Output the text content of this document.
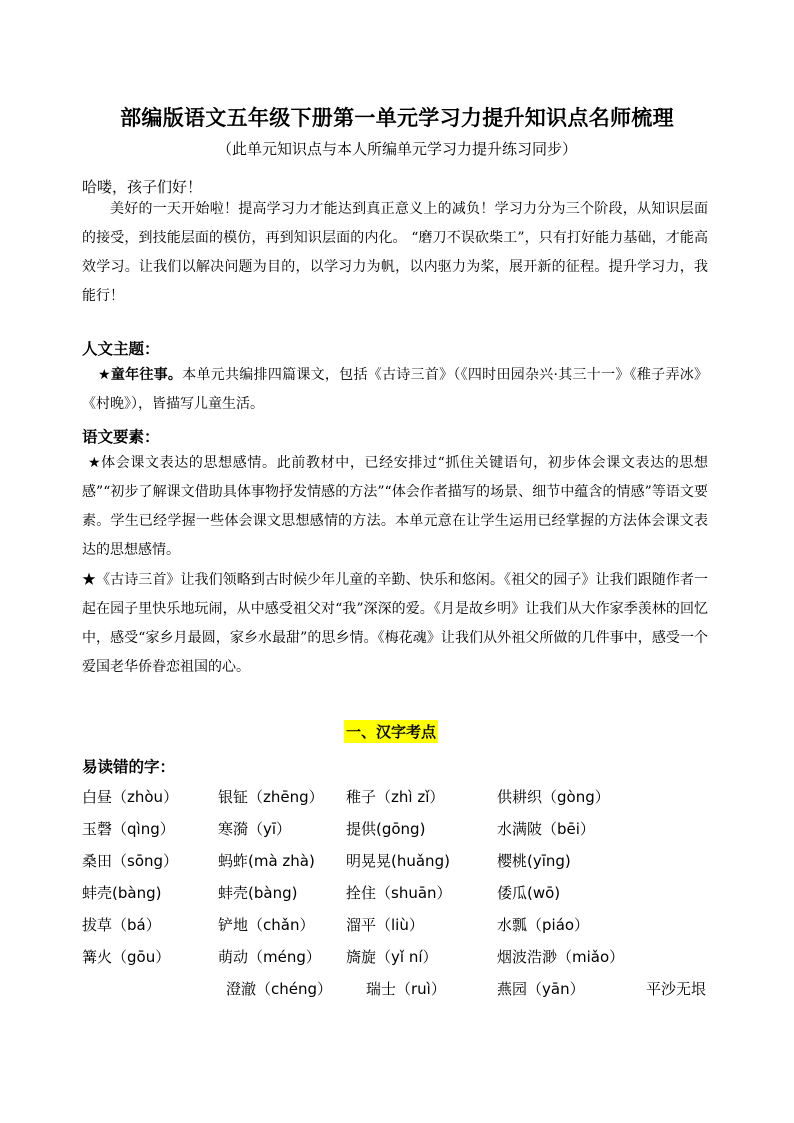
部编版语文五年级下册第一单元学习力提升知识点名师梳理
（此单元知识点与本人所编单元学习力提升练习同步）
哈喽，孩子们好！
美好的一天开始啦！提高学习力才能达到真正意义上的减负！学习力分为三个阶段，从知识层面的接受，到技能层面的模仿，再到知识层面的内化。 “磨刀不误砍柴工”，只有打好能力基础，才能高效学习。让我们以解决问题为目的，以学习力为帆，以内驱力为桨，展开新的征程。提升学习力，我能行！
人文主题：
★童年往事。本单元共编排四篇课文，包括《古诗三首》（《四时田园杂兴·其三十一》《稚子弄冰》《村晚》），皆描写儿童生活。
语文要素：
★体会课文表达的思想感情。此前教材中，已经安排过“抓住关键语句，初步体会课文表达的思想感”“初步了解课文借助具体事物抒发情感的方法”“体会作者描写的场景、细节中蕴含的情感”等语文要素。学生已经学握一些体会课文思想感情的方法。本单元意在让学生运用已经掌握的方法体会课文表达的思想感情。
★《古诗三首》让我们领略到古时候少年儿童的辛勤、快乐和悠闲。《祖父的园子》让我们跟随作者一起在园子里快乐地玩闹，从中感受祖父对“我”深深的爱。《月是故乡明》让我们从大作家季羡林的回忆中，感受“家乡月最圆，家乡水最甜”的思乡情。《梅花魂》让我们从外祖父所做的几件事中，感受一个爱国老华侨眷恋祖国的心。
一、汉字考点
易读错的字：
白昼（zhòu）	银钲（zhēng） 稚子（zhì zǐ）	供耕织（gòng）
玉磬（qìng）	寒漪（yī）	提供(gōng)	水满陂（bēi）
桑田（sōng）	蚂蚱(mà zhà) 明晃晃(huǎng)	樱桃(yīng)
蚌壳(bàng)	蚌壳(bàng)	拴住（shuān）	倭瓜(wō)
拔草（bá）	铲地（chǎn） 溜平（liù）	水瓢（piáo）
篝火（gōu）	萌动（méng） 旖旋（yǐ ní）	烟波浩渺（miǎo）
澄澈（chéng） 瑞士（ruì）	燕园（yān）	平沙无垠
